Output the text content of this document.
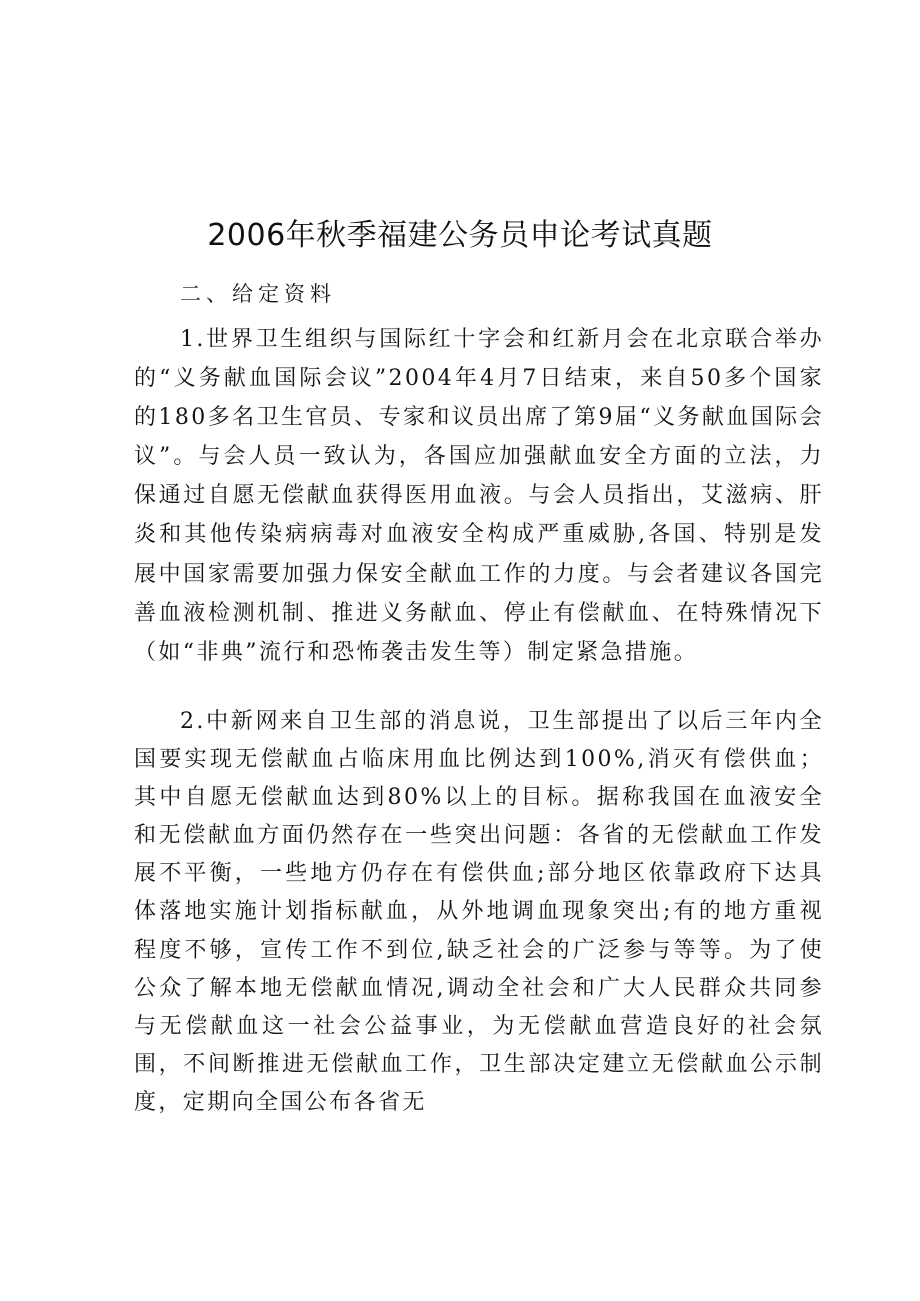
2006年秋季福建公务员申论考试真题

二、给定资料

1.世界卫生组织与国际红十字会和红新月会在北京联合举办的“义务献血国际会议”2004年4月7日结束，来自50多个国家的180多名卫生官员、专家和议员出席了第9届“义务献血国际会议”。与会人员一致认为，各国应加强献血安全方面的立法，力保通过自愿无偿献血获得医用血液。与会人员指出，艾滋病、肝炎和其他传染病病毒对血液安全构成严重威胁,各国、特别是发展中国家需要加强力保安全献血工作的力度。与会者建议各国完善血液检测机制、推进义务献血、停止有偿献血、在特殊情况下（如“非典”流行和恐怖袭击发生等）制定紧急措施。

2.中新网来自卫生部的消息说，卫生部提出了以后三年内全国要实现无偿献血占临床用血比例达到100%,消灭有偿供血；其中自愿无偿献血达到80%以上的目标。据称我国在血液安全和无偿献血方面仍然存在一些突出问题：各省的无偿献血工作发展不平衡，一些地方仍存在有偿供血;部分地区依靠政府下达具体落地实施计划指标献血，从外地调血现象突出;有的地方重视程度不够，宣传工作不到位,缺乏社会的广泛参与等等。为了使公众了解本地无偿献血情况,调动全社会和广大人民群众共同参与无偿献血这一社会公益事业，为无偿献血营造良好的社会氛围，不间断推进无偿献血工作，卫生部决定建立无偿献血公示制度，定期向全国公布各省无
